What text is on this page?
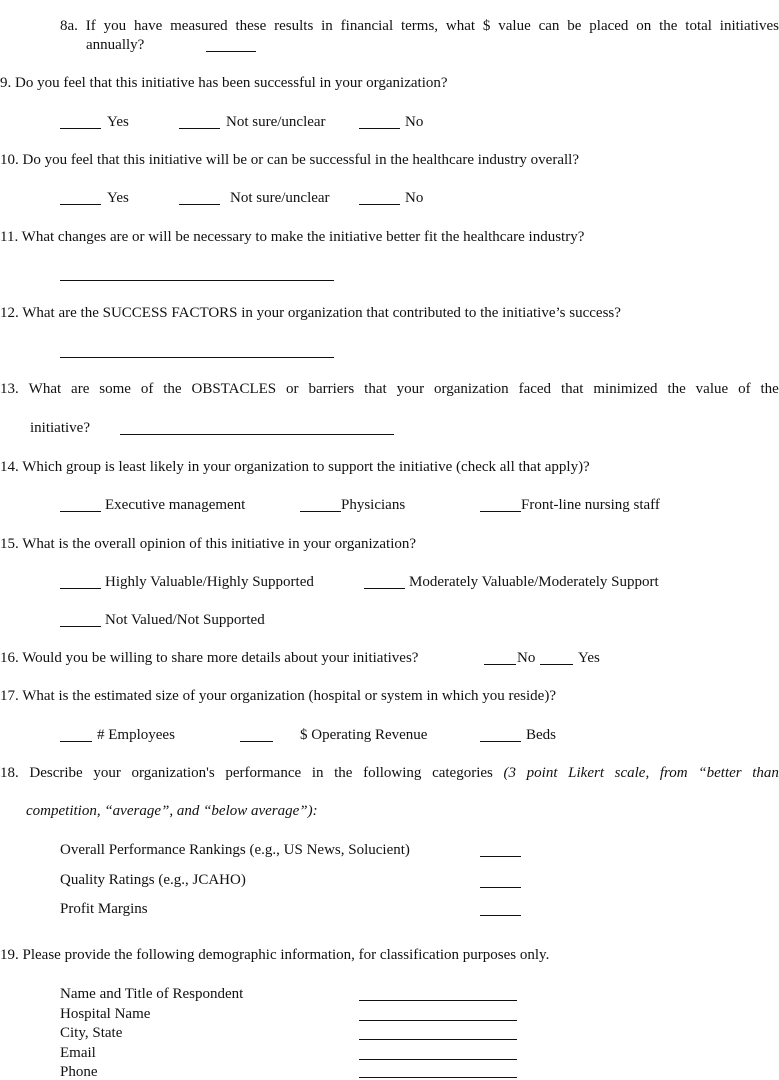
8a. If you have measured these results in financial terms, what $ value can be placed on the total initiatives
annually?
9. Do you feel that this initiative has been successful in your organization?
Yes	Not sure/unclear	No
10. Do you feel that this initiative will be or can be successful in the healthcare industry overall?
Yes	Not sure/unclear	No
11. What changes are or will be necessary to make the initiative better fit the healthcare industry?
12. What are the SUCCESS FACTORS in your organization that contributed to the initiative’s success?
13. What are some of the OBSTACLES or barriers that your organization faced that minimized the value of the
initiative?
14. Which group is least likely in your organization to support the initiative (check all that apply)?
Executive management	Physicians	Front-line nursing staff
15. What is the overall opinion of this initiative in your organization?
Highly Valuable/Highly Supported	Moderately Valuable/Moderately Support
Not Valued/Not Supported
16. Would you be willing to share more details about your initiatives?	No	Yes
17. What is the estimated size of your organization (hospital or system in which you reside)?
# Employees	$ Operating Revenue	Beds
18. Describe your organization's performance in the following categories (3 point Likert scale, from “better than
competition, “average”, and “below average”):
Overall Performance Rankings (e.g., US News, Solucient)
Quality Ratings (e.g., JCAHO)
Profit Margins
19. Please provide the following demographic information, for classification purposes only.
Name and Title of Respondent
Hospital Name
City, State
Email
Phone
